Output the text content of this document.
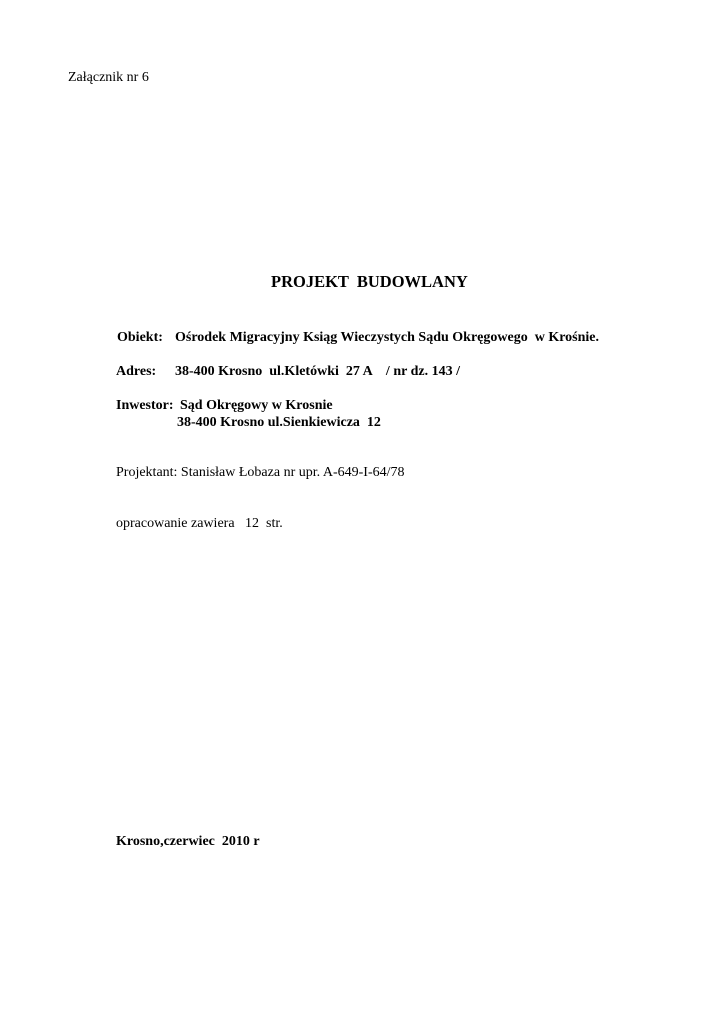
Załącznik nr 6
PROJEKT  BUDOWLANY
Obiekt: Ośrodek Migracyjny Ksiąg Wieczystych Sądu Okręgowego  w Krośnie.
Adres: 38-400 Krosno  ul.Kletówki  27 A    / nr dz. 143 /
Inwestor: Sąd Okręgowy w Krosnie
38-400 Krosno ul.Sienkiewicza  12
Projektant: Stanisław Łobaza nr upr. A-649-I-64/78
opracowanie zawiera   12  str.
Krosno,czerwiec  2010 r
